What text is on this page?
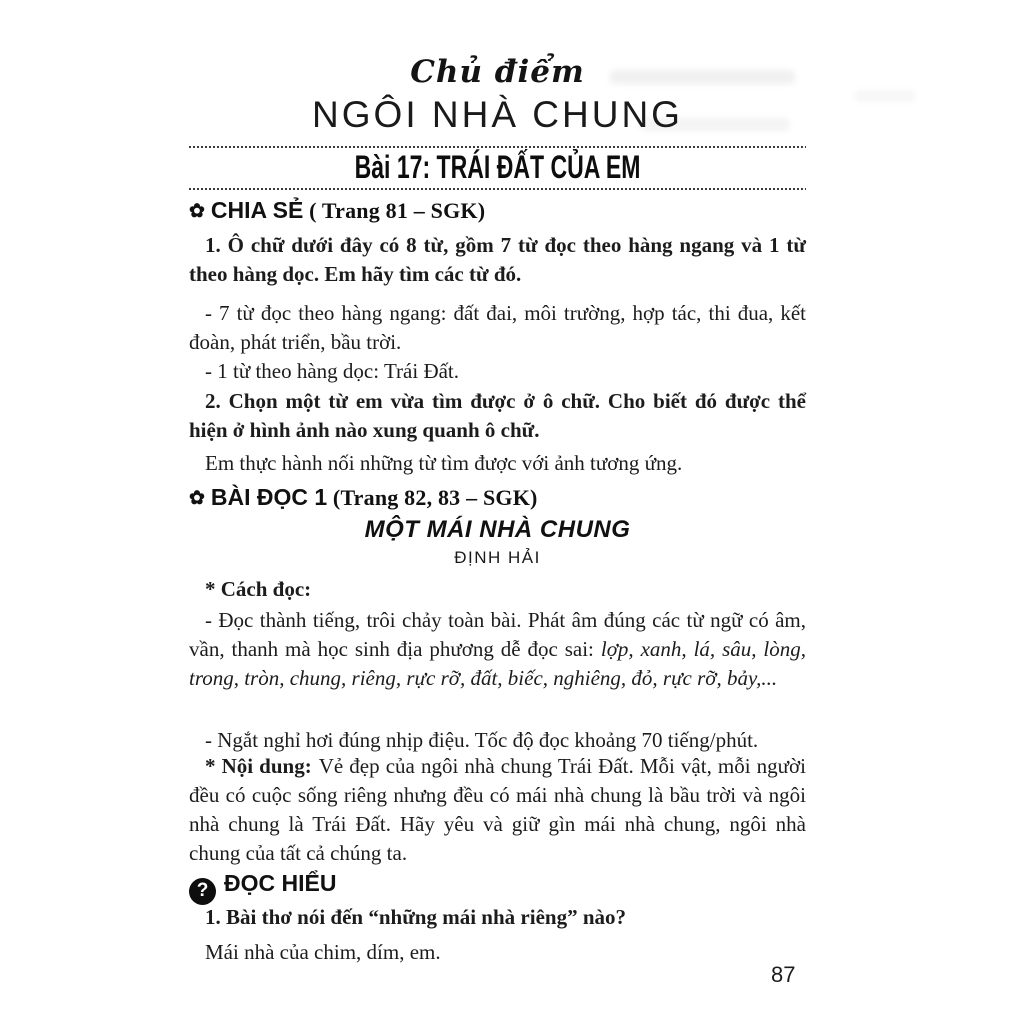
Chủ điểm
NGÔI NHÀ CHUNG
Bài 17: TRÁI ĐẤT CỦA EM
✿ CHIA SẺ ( Trang 81 – SGK)

1. Ô chữ dưới đây có 8 từ, gồm 7 từ đọc theo hàng ngang và 1 từ theo hàng dọc. Em hãy tìm các từ đó.

- 7 từ đọc theo hàng ngang: đất đai, môi trường, hợp tác, thi đua, kết đoàn, phát triển, bầu trời.

- 1 từ theo hàng dọc: Trái Đất.

2. Chọn một từ em vừa tìm được ở ô chữ. Cho biết đó được thể hiện ở hình ảnh nào xung quanh ô chữ.

Em thực hành nối những từ tìm được với ảnh tương ứng.

✿ BÀI ĐỌC 1 (Trang 82, 83 – SGK)
MỘT MÁI NHÀ CHUNG
ĐỊNH HẢI

* Cách đọc:

- Đọc thành tiếng, trôi chảy toàn bài. Phát âm đúng các từ ngữ có âm, vần, thanh mà học sinh địa phương dễ đọc sai: lợp, xanh, lá, sâu, lòng, trong, tròn, chung, riêng, rực rỡ, đất, biếc, nghiêng, đỏ, rực rỡ, bảy,...

- Ngắt nghỉ hơi đúng nhịp điệu. Tốc độ đọc khoảng 70 tiếng/phút.

* Nội dung: Vẻ đẹp của ngôi nhà chung Trái Đất. Mỗi vật, mỗi người đều có cuộc sống riêng nhưng đều có mái nhà chung là bầu trời và ngôi nhà chung là Trái Đất. Hãy yêu và giữ gìn mái nhà chung, ngôi nhà chung của tất cả chúng ta.

? ĐỌC HIỂU

1. Bài thơ nói đến “những mái nhà riêng” nào?

Mái nhà của chim, dím, em.

87
